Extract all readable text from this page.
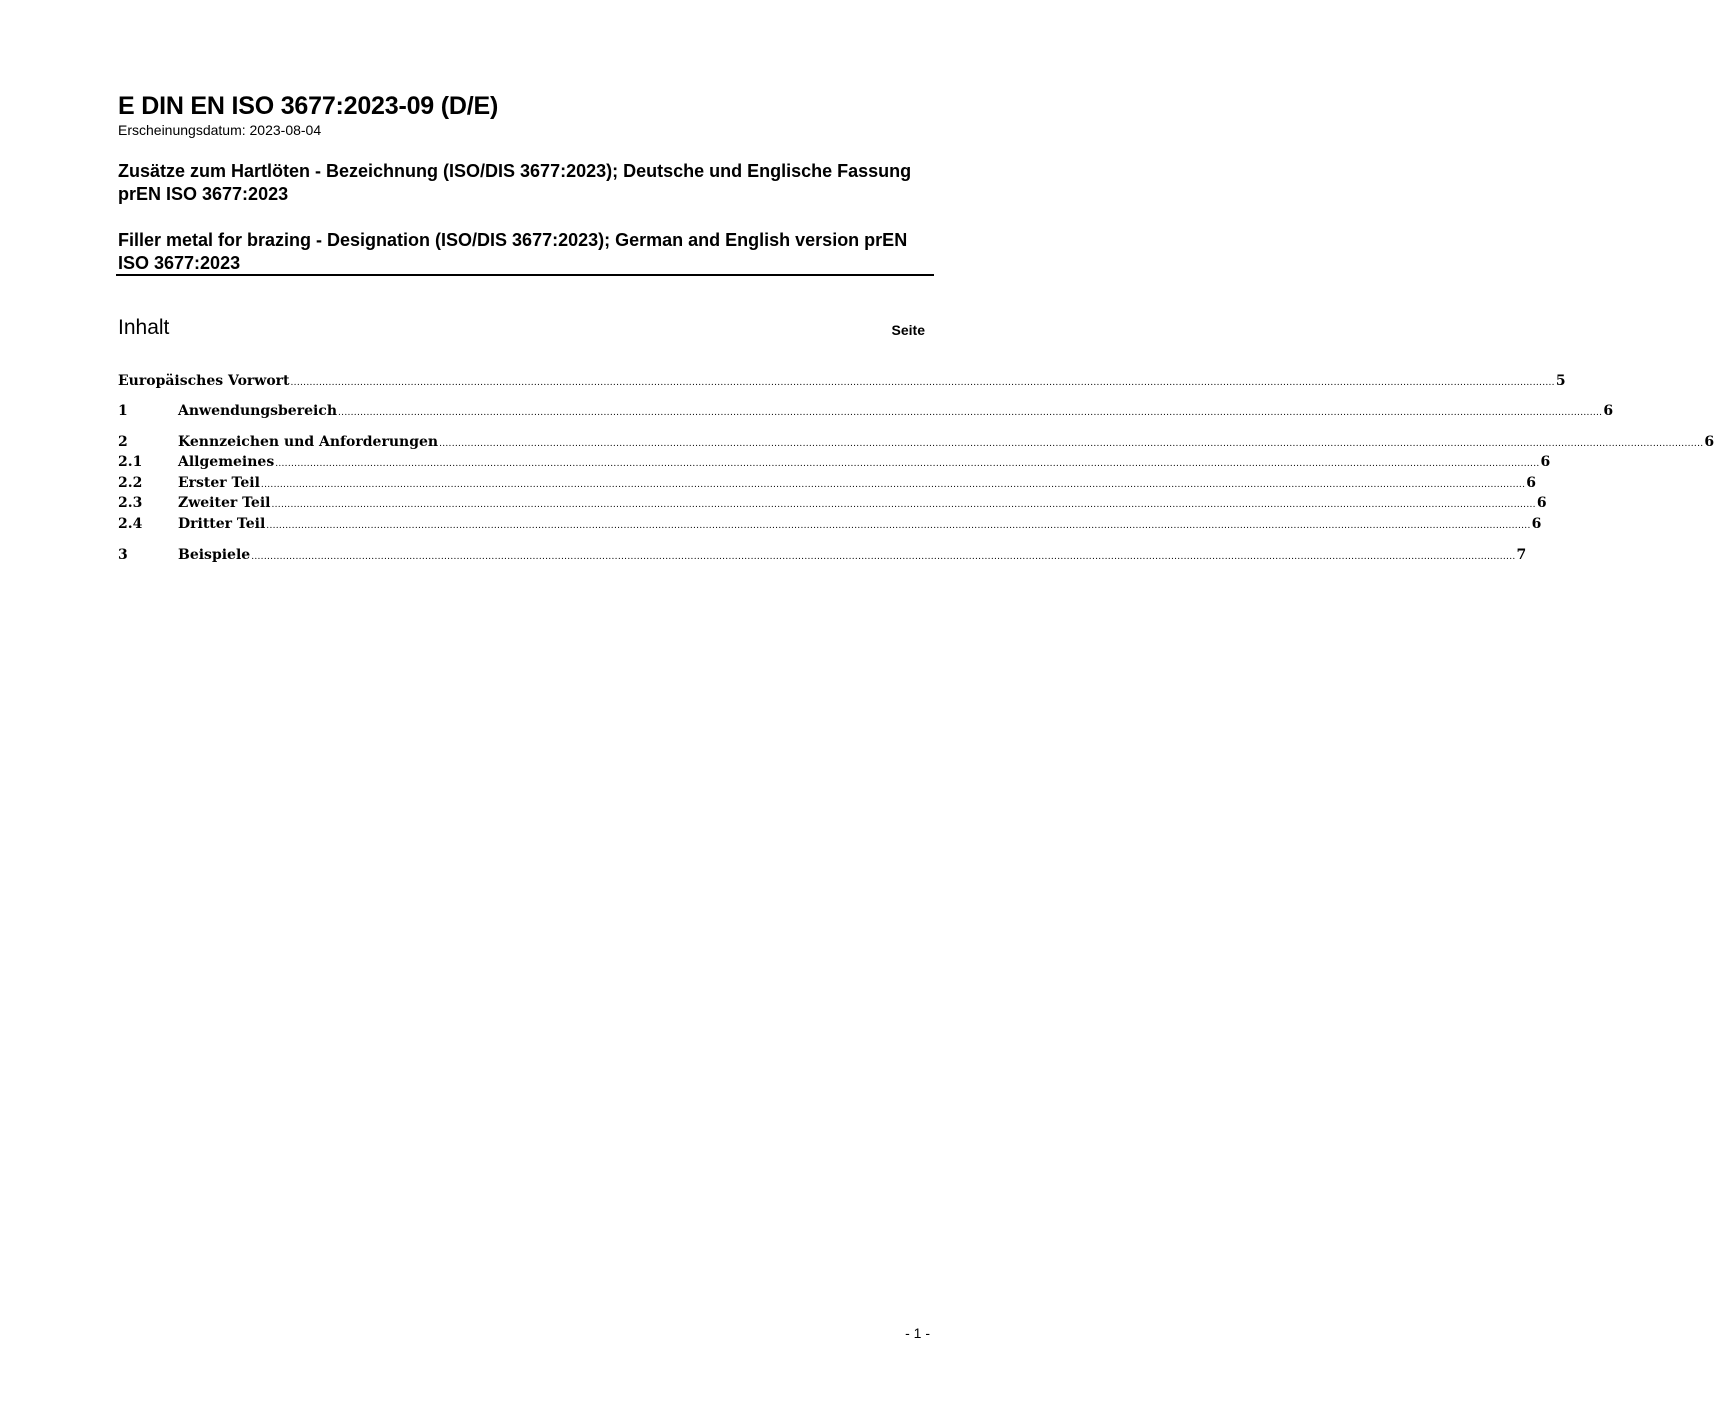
E DIN EN ISO 3677:2023-09 (D/E)
Erscheinungsdatum: 2023-08-04
Zusätze zum Hartlöten - Bezeichnung (ISO/DIS 3677:2023); Deutsche und Englische Fassung prEN ISO 3677:2023
Filler metal for brazing - Designation (ISO/DIS 3677:2023); German and English version prEN ISO 3677:2023
Inhalt	Seite
Europäisches Vorwort ................................................................................................................................................................................................................................................................................................................................................................................................................ 5
1	Anwendungsbereich ................................................................................................................................................................................................................................................................................................................................................................................................................ 6
2	Kennzeichen und Anforderungen ................................................................................................................................................................................................................................................................................................................................................................................................................ 6
2.1	Allgemeines ................................................................................................................................................................................................................................................................................................................................................................................................................ 6
2.2	Erster Teil ................................................................................................................................................................................................................................................................................................................................................................................................................ 6
2.3	Zweiter Teil ................................................................................................................................................................................................................................................................................................................................................................................................................ 6
2.4	Dritter Teil ................................................................................................................................................................................................................................................................................................................................................................................................................ 6
3	Beispiele ................................................................................................................................................................................................................................................................................................................................................................................................................ 7
- 1 -
